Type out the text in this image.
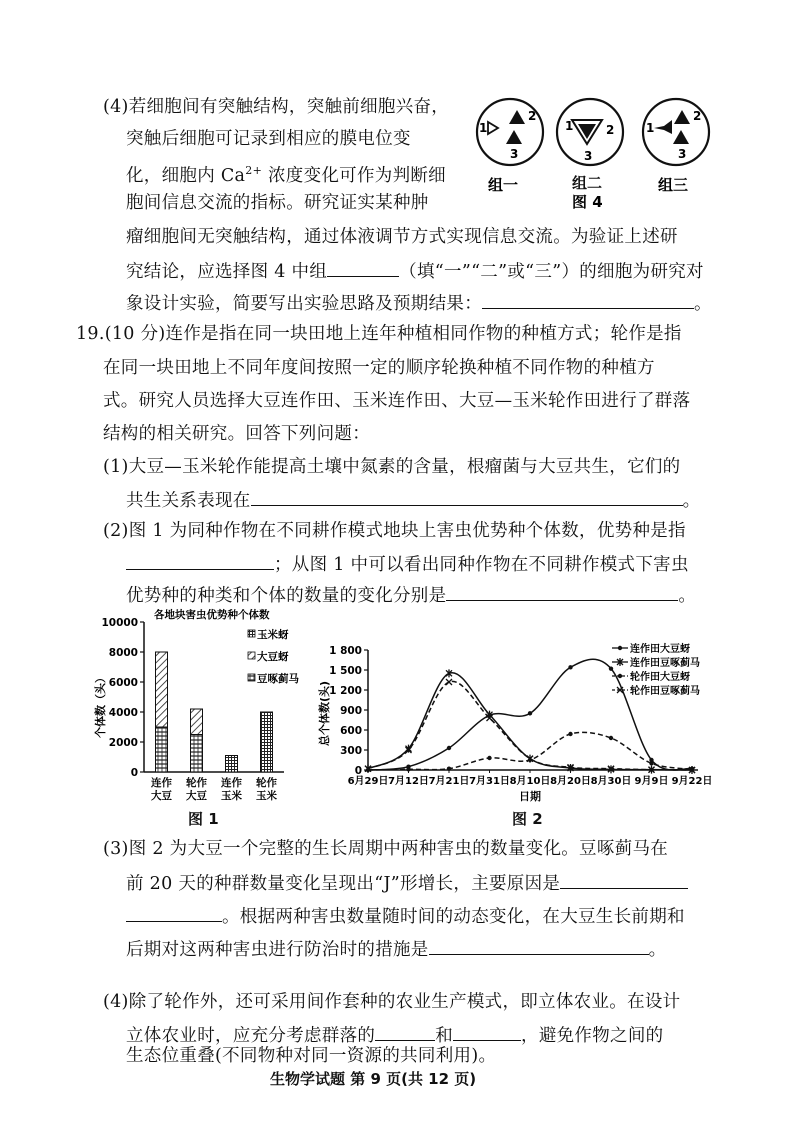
(4)若细胞间有突触结构，突触前细胞兴奋，
突触后细胞可记录到相应的膜电位变
化，细胞内 $Ca^{2+}$ 浓度变化可作为判断细
胞间信息交流的指标。研究证实某种肿
瘤细胞间无突触结构，通过体液调节方式实现信息交流。为验证上述研
究结论，应选择图 4 中组	（填“一”“二”或“三”）的细胞为研究对
象设计实验，简要写出实验思路及预期结果：	。
1
2
3
组一
1	2
3
图 4
1
2
3
组三
组二
19.(10 分)连作是指在同一块田地上连年种植相同作物的种植方式；轮作是指
在同一块田地上不同年度间按照一定的顺序轮换种植不同作物的种植方
式。研究人员选择大豆连作田、玉米连作田、大豆—玉米轮作田进行了群落
结构的相关研究。回答下列问题：
(1)大豆—玉米轮作能提高土壤中氮素的含量，根瘤菌与大豆共生，它们的
共生关系表现在	。
(2)图 1 为同种作物在不同耕作模式地块上害虫优势种个体数，优势种是指
；从图 1 中可以看出同种作物在不同耕作模式下害虫
优势种的种类和个体的数量的变化分别是	。
各地块害虫优势种个体数
个体数（头）
0
2000
4000
6000
8000
10000
连作
大豆
轮作
大豆
连作
玉米
轮作
玉米
玉米蚜
大豆蚜
豆啄蓟马
图 1
总个体数(头)
0
300
600
900
1 200
1 500
1 800
6月29日 7月12日 7月21日 7月31日 8月10日 8月20日 8月30日 9月9日 9月22日
连作田大豆蚜
连作田豆啄蓟马
轮作田大豆蚜
轮作田豆啄蓟马
日期
图 2
(3)图 2 为大豆一个完整的生长周期中两种害虫的数量变化。豆啄蓟马在
前 20 天的种群数量变化呈现出“J”形增长，主要原因是
。根据两种害虫数量随时间的动态变化，在大豆生长前期和
后期对这两种害虫进行防治时的措施是	。
(4)除了轮作外，还可采用间作套种的农业生产模式，即立体农业。在设计
立体农业时，应充分考虑群落的	和	，避免作物之间的
生态位重叠(不同物种对同一资源的共同利用)。
生物学试题 第 9 页(共 12 页)
